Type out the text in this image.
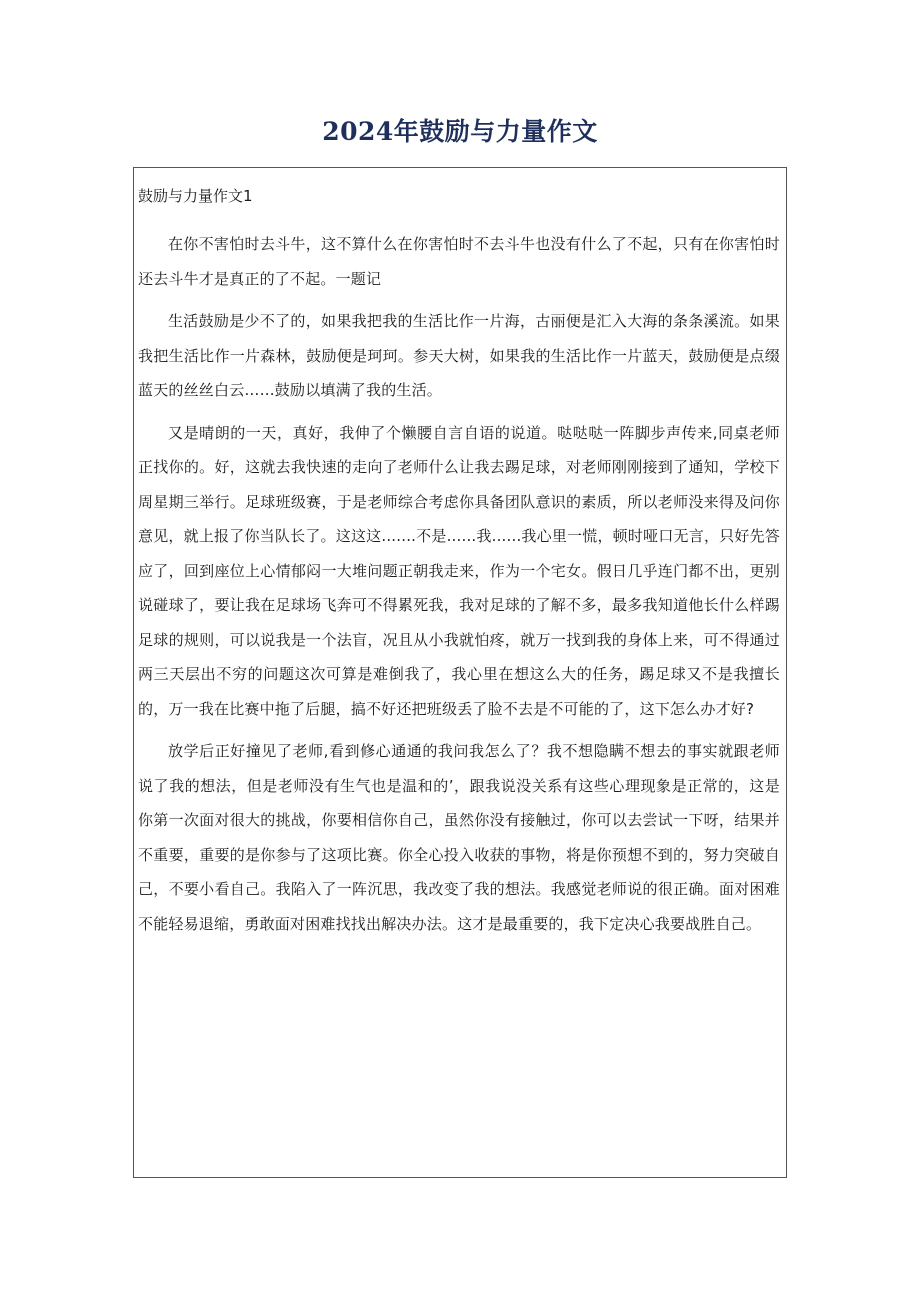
2024年鼓励与力量作文
鼓励与力量作文1

在你不害怕时去斗牛，这不算什么在你害怕时不去斗牛也没有什么了不起，只有在你害怕时还去斗牛才是真正的了不起。一题记

生活鼓励是少不了的，如果我把我的生活比作一片海，古丽便是汇入大海的条条溪流。如果我把生活比作一片森林，鼓励便是珂珂。参天大树，如果我的生活比作一片蓝天，鼓励便是点缀蓝天的丝丝白云……鼓励以填满了我的生活。

又是晴朗的一天，真好，我伸了个懒腰自言自语的说道。哒哒哒一阵脚步声传来,同桌老师正找你的。好，这就去我快速的走向了老师什么让我去踢足球，对老师刚刚接到了通知，学校下周星期三举行。足球班级赛，于是老师综合考虑你具备团队意识的素质，所以老师没来得及问你意见，就上报了你当队长了。这这这.......不是......我......我心里一慌，顿时哑口无言，只好先答应了，回到座位上心情郁闷一大堆问题正朝我走来，作为一个宅女。假日几乎连门都不出，更别说碰球了，要让我在足球场飞奔可不得累死我，我对足球的了解不多，最多我知道他长什么样踢足球的规则，可以说我是一个法盲，况且从小我就怕疼，就万一找到我的身体上来，可不得通过两三天层出不穷的问题这次可算是难倒我了，我心里在想这么大的任务，踢足球又不是我擅长的，万一我在比赛中拖了后腿，搞不好还把班级丢了脸不去是不可能的了，这下怎么办才好?

放学后正好撞见了老师,看到修心通通的我问我怎么了？我不想隐瞒不想去的事实就跟老师说了我的想法，但是老师没有生气也是温和的’，跟我说没关系有这些心理现象是正常的，这是你第一次面对很大的挑战，你要相信你自己，虽然你没有接触过，你可以去尝试一下呀，结果并不重要，重要的是你参与了这项比赛。你全心投入收获的事物，将是你预想不到的，努力突破自己，不要小看自己。我陷入了一阵沉思，我改变了我的想法。我感觉老师说的很正确。面对困难不能轻易退缩，勇敢面对困难找找出解决办法。这才是最重要的，我下定决心我要战胜自己。
